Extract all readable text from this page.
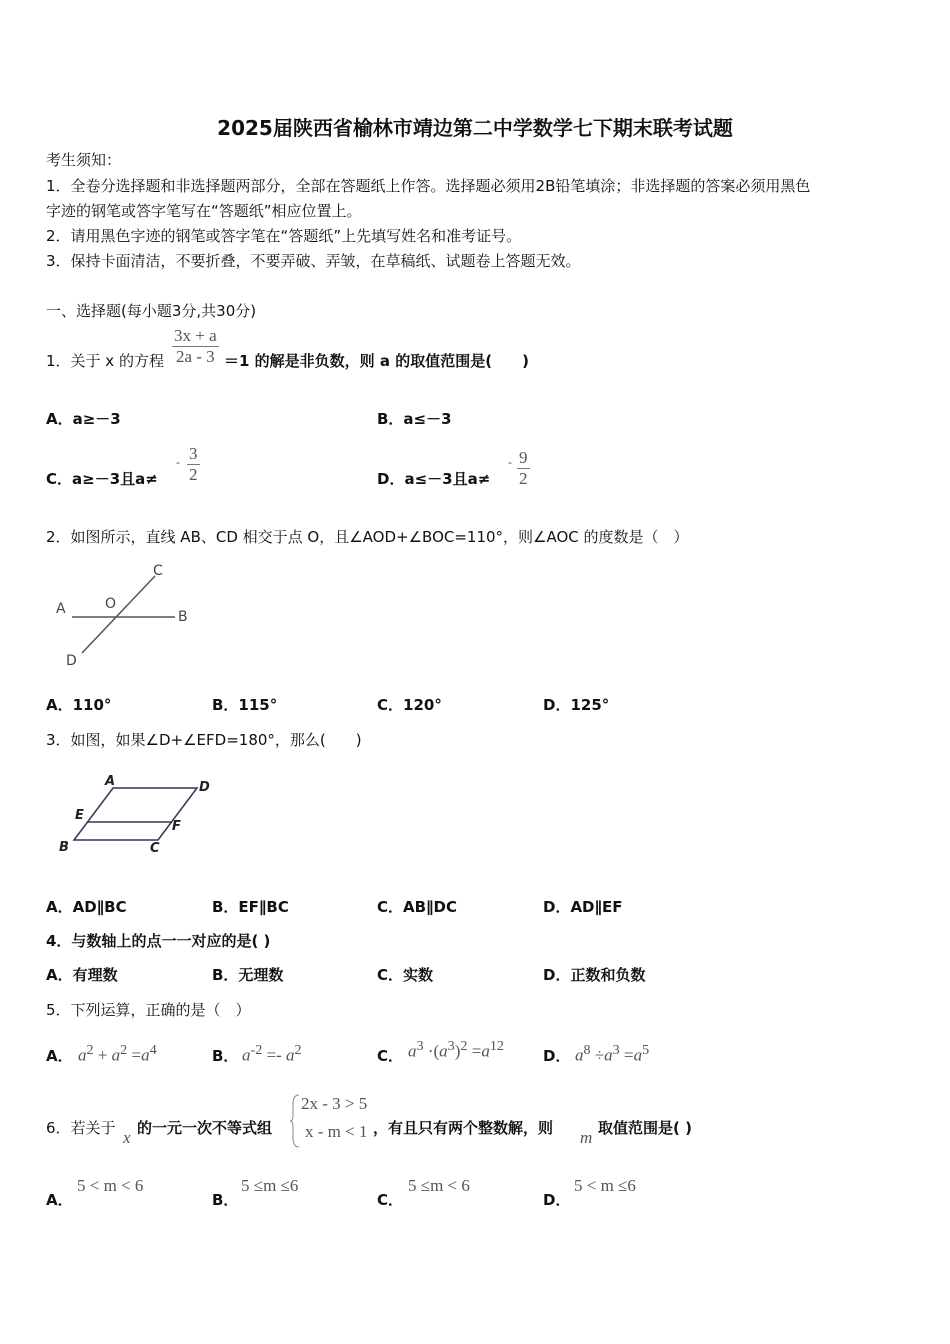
2025届陕西省榆林市靖边第二中学数学七下期末联考试题
考生须知：
1．全卷分选择题和非选择题两部分，全部在答题纸上作答。选择题必须用2B铅笔填涂；非选择题的答案必须用黑色
字迹的钢笔或答字笔写在“答题纸”相应位置上。
2．请用黑色字迹的钢笔或答字笔在“答题纸”上先填写姓名和准考证号。
3．保持卡面清洁，不要折叠，不要弄破、弄皱，在草稿纸、试题卷上答题无效。
一、选择题(每小题3分,共30分)
1．关于 x 的方程 $\frac{3x + a}{2a - 3} =1$ 的解是非负数，则 a 的取值范围是(　　)
A．a≥－3	B．a≤－3
C．a≥－3且a≠
- $\frac{3}{2}$	D．a≤－3且a≠
- $\frac{9}{2}$
2．如图所示，直线 AB、CD 相交于点 O，且∠AOD+∠BOC=110°，则∠AOC 的度数是（　）
A	O
B
C
D
A．110°	B．115°	C．120°	D．125°
3．如图，如果∠D+∠EFD=180°，那么(　　)
A	D
E
F
B	C
A．AD∥BC	B．EF∥BC	C．AB∥DC	D．AD∥EF
4．与数轴上的点一一对应的是( )
A．有理数	B．无理数	C．实数	D．正数和负数
5．下列运算，正确的是（　）
A． $a^2 + a^2 =a^4$	B． $a^{-2} =- a^2$	C． $a^3 \cdot(a^3)^2 =a^{12}$
D． $a^8 \div a^3 =a^5$
6．若关于 x 的一元一次不等式组
2x - 3 > 5
x - m < 1 ，有且只有两个整数解，则 m 取值范围是( )
A．
5 < m < 6
B．
5 ≤m ≤6
C．
5 ≤m < 6
D．
5 < m ≤6
